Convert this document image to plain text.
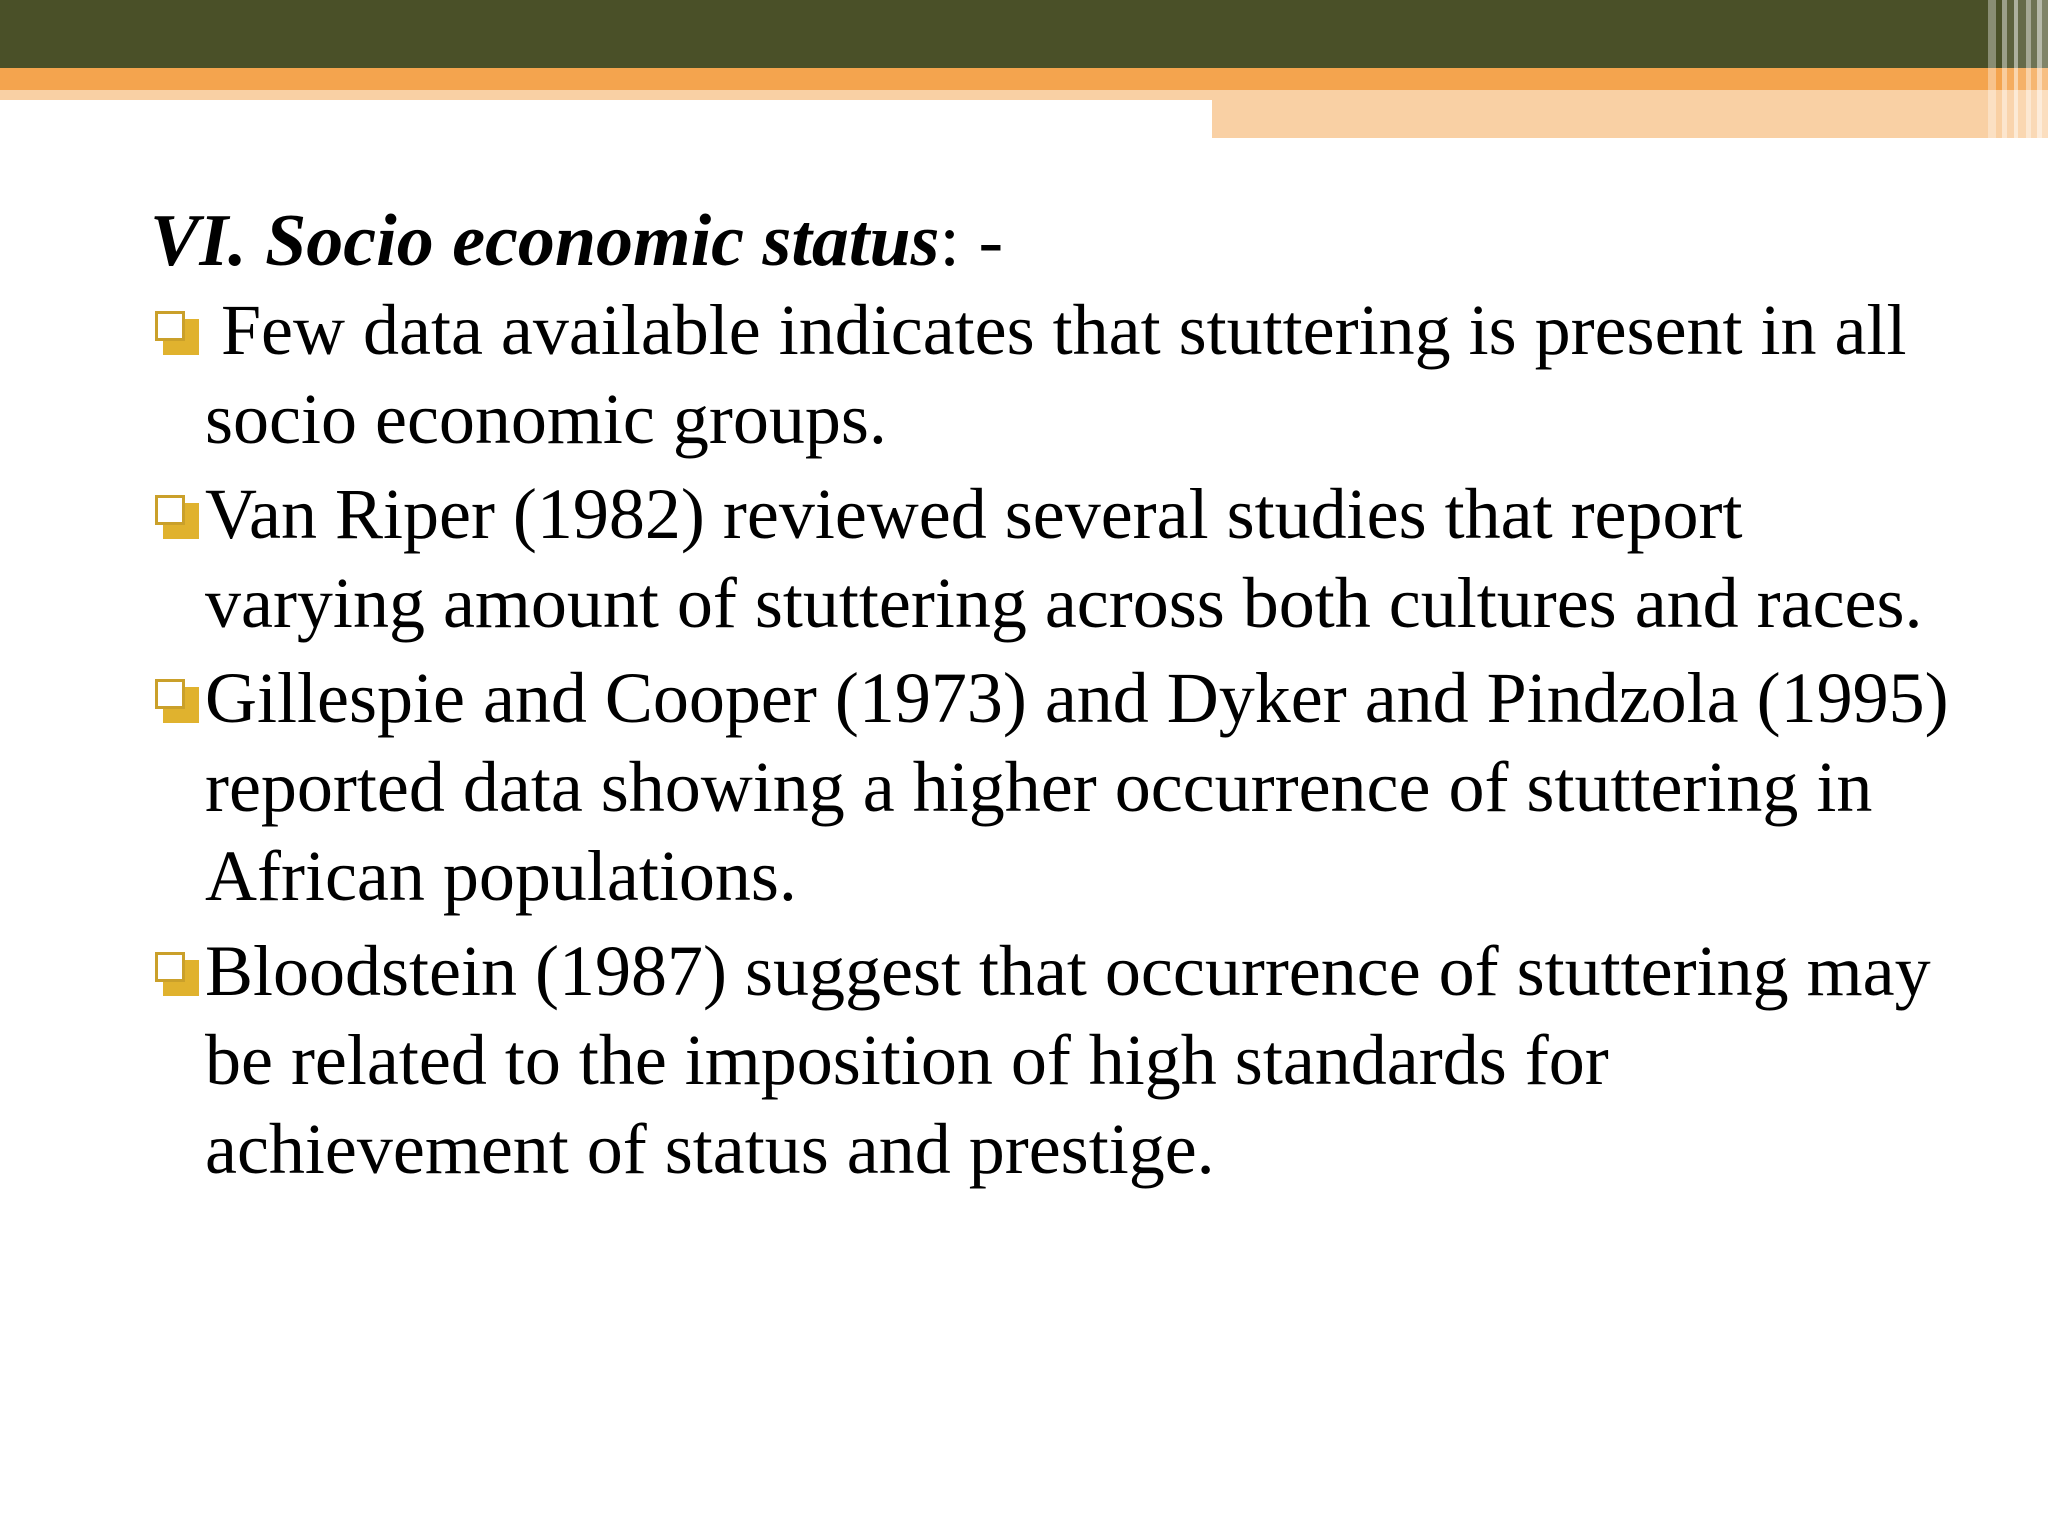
VI. Socio economic status: -
Few data available indicates that stuttering is present in all socio economic groups.
Van Riper (1982) reviewed several studies that report varying amount of stuttering across both cultures and races.
Gillespie and Cooper (1973) and Dyker and Pindzola (1995) reported data showing a higher occurrence of stuttering in African populations.
Bloodstein (1987) suggest that occurrence of stuttering may be related to the imposition of high standards for achievement of status and prestige.
